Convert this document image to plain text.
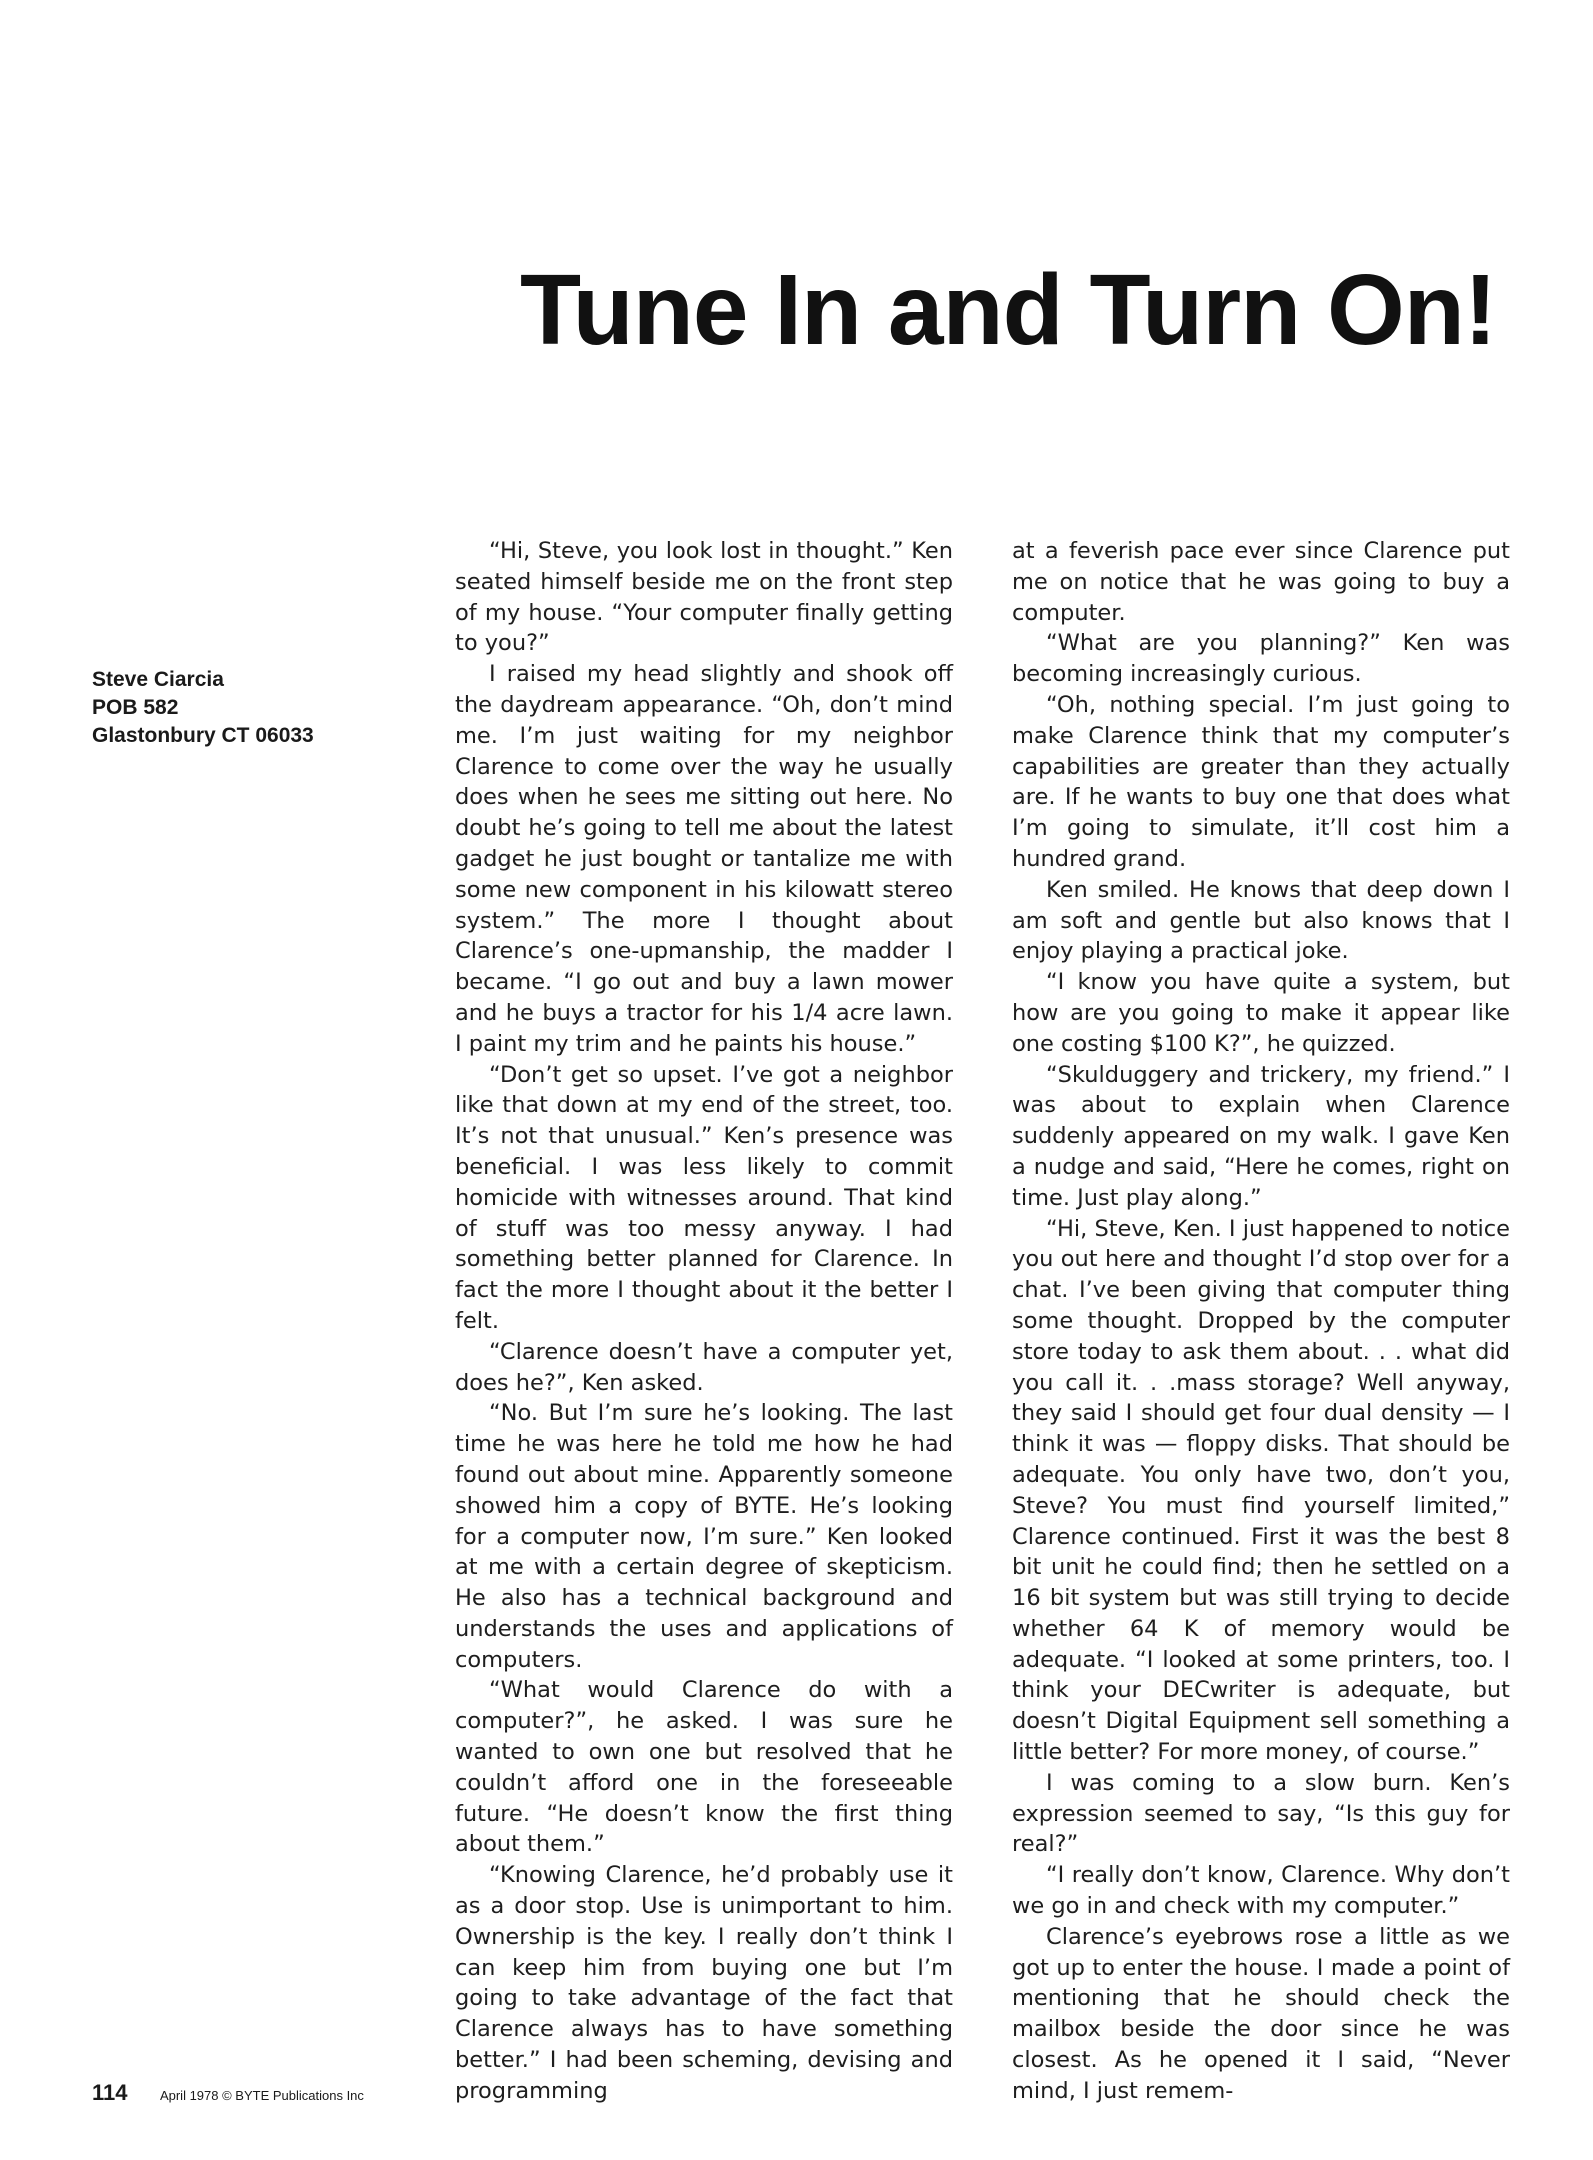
Tune In and Turn On!
Steve Ciarcia
POB 582
Glastonbury CT 06033

“Hi, Steve, you look lost in thought.” Ken seated himself beside me on the front step of my house. “Your computer finally getting to you?”

I raised my head slightly and shook off the daydream appearance. “Oh, don’t mind me. I’m just waiting for my neighbor Clarence to come over the way he usually does when he sees me sitting out here. No doubt he’s going to tell me about the latest gadget he just bought or tantalize me with some new component in his kilowatt stereo system.” The more I thought about Clarence’s one-upmanship, the madder I became. “I go out and buy a lawn mower and he buys a tractor for his 1/4 acre lawn. I paint my trim and he paints his house.”

“Don’t get so upset. I’ve got a neighbor like that down at my end of the street, too. It’s not that unusual.” Ken’s presence was beneficial. I was less likely to commit homicide with witnesses around. That kind of stuff was too messy anyway. I had something better planned for Clarence. In fact the more I thought about it the better I felt.

“Clarence doesn’t have a computer yet, does he?”, Ken asked.

“No. But I’m sure he’s looking. The last time he was here he told me how he had found out about mine. Apparently someone showed him a copy of BYTE. He’s looking for a computer now, I’m sure.” Ken looked at me with a certain degree of skepticism. He also has a technical background and understands the uses and applications of computers.

“What would Clarence do with a computer?”, he asked. I was sure he wanted to own one but resolved that he couldn’t afford one in the foreseeable future. “He doesn’t know the first thing about them.”

“Knowing Clarence, he’d probably use it as a door stop. Use is unimportant to him. Ownership is the key. I really don’t think I can keep him from buying one but I’m going to take advantage of the fact that Clarence always has to have something better.” I had been scheming, devising and programming

at a feverish pace ever since Clarence put me on notice that he was going to buy a computer.

“What are you planning?” Ken was becoming increasingly curious.

“Oh, nothing special. I’m just going to make Clarence think that my computer’s capabilities are greater than they actually are. If he wants to buy one that does what I’m going to simulate, it’ll cost him a hundred grand.

Ken smiled. He knows that deep down I am soft and gentle but also knows that I enjoy playing a practical joke.

“I know you have quite a system, but how are you going to make it appear like one costing $100 K?”, he quizzed.

“Skulduggery and trickery, my friend.” I was about to explain when Clarence suddenly appeared on my walk. I gave Ken a nudge and said, “Here he comes, right on time. Just play along.”

“Hi, Steve, Ken. I just happened to notice you out here and thought I’d stop over for a chat. I’ve been giving that computer thing some thought. Dropped by the computer store today to ask them about. . . what did you call it. . .mass storage? Well anyway, they said I should get four dual density — I think it was — floppy disks. That should be adequate. You only have two, don’t you, Steve? You must find yourself limited,” Clarence continued. First it was the best 8 bit unit he could find; then he settled on a 16 bit system but was still trying to decide whether 64 K of memory would be adequate. “I looked at some printers, too. I think your DECwriter is adequate, but doesn’t Digital Equipment sell something a little better? For more money, of course.”

I was coming to a slow burn. Ken’s expression seemed to say, “Is this guy for real?”

“I really don’t know, Clarence. Why don’t we go in and check with my computer.”

Clarence’s eyebrows rose a little as we got up to enter the house. I made a point of mentioning that he should check the mailbox beside the door since he was closest. As he opened it I said, “Never mind, I just remem-

114 April 1978 © BYTE Publications Inc
